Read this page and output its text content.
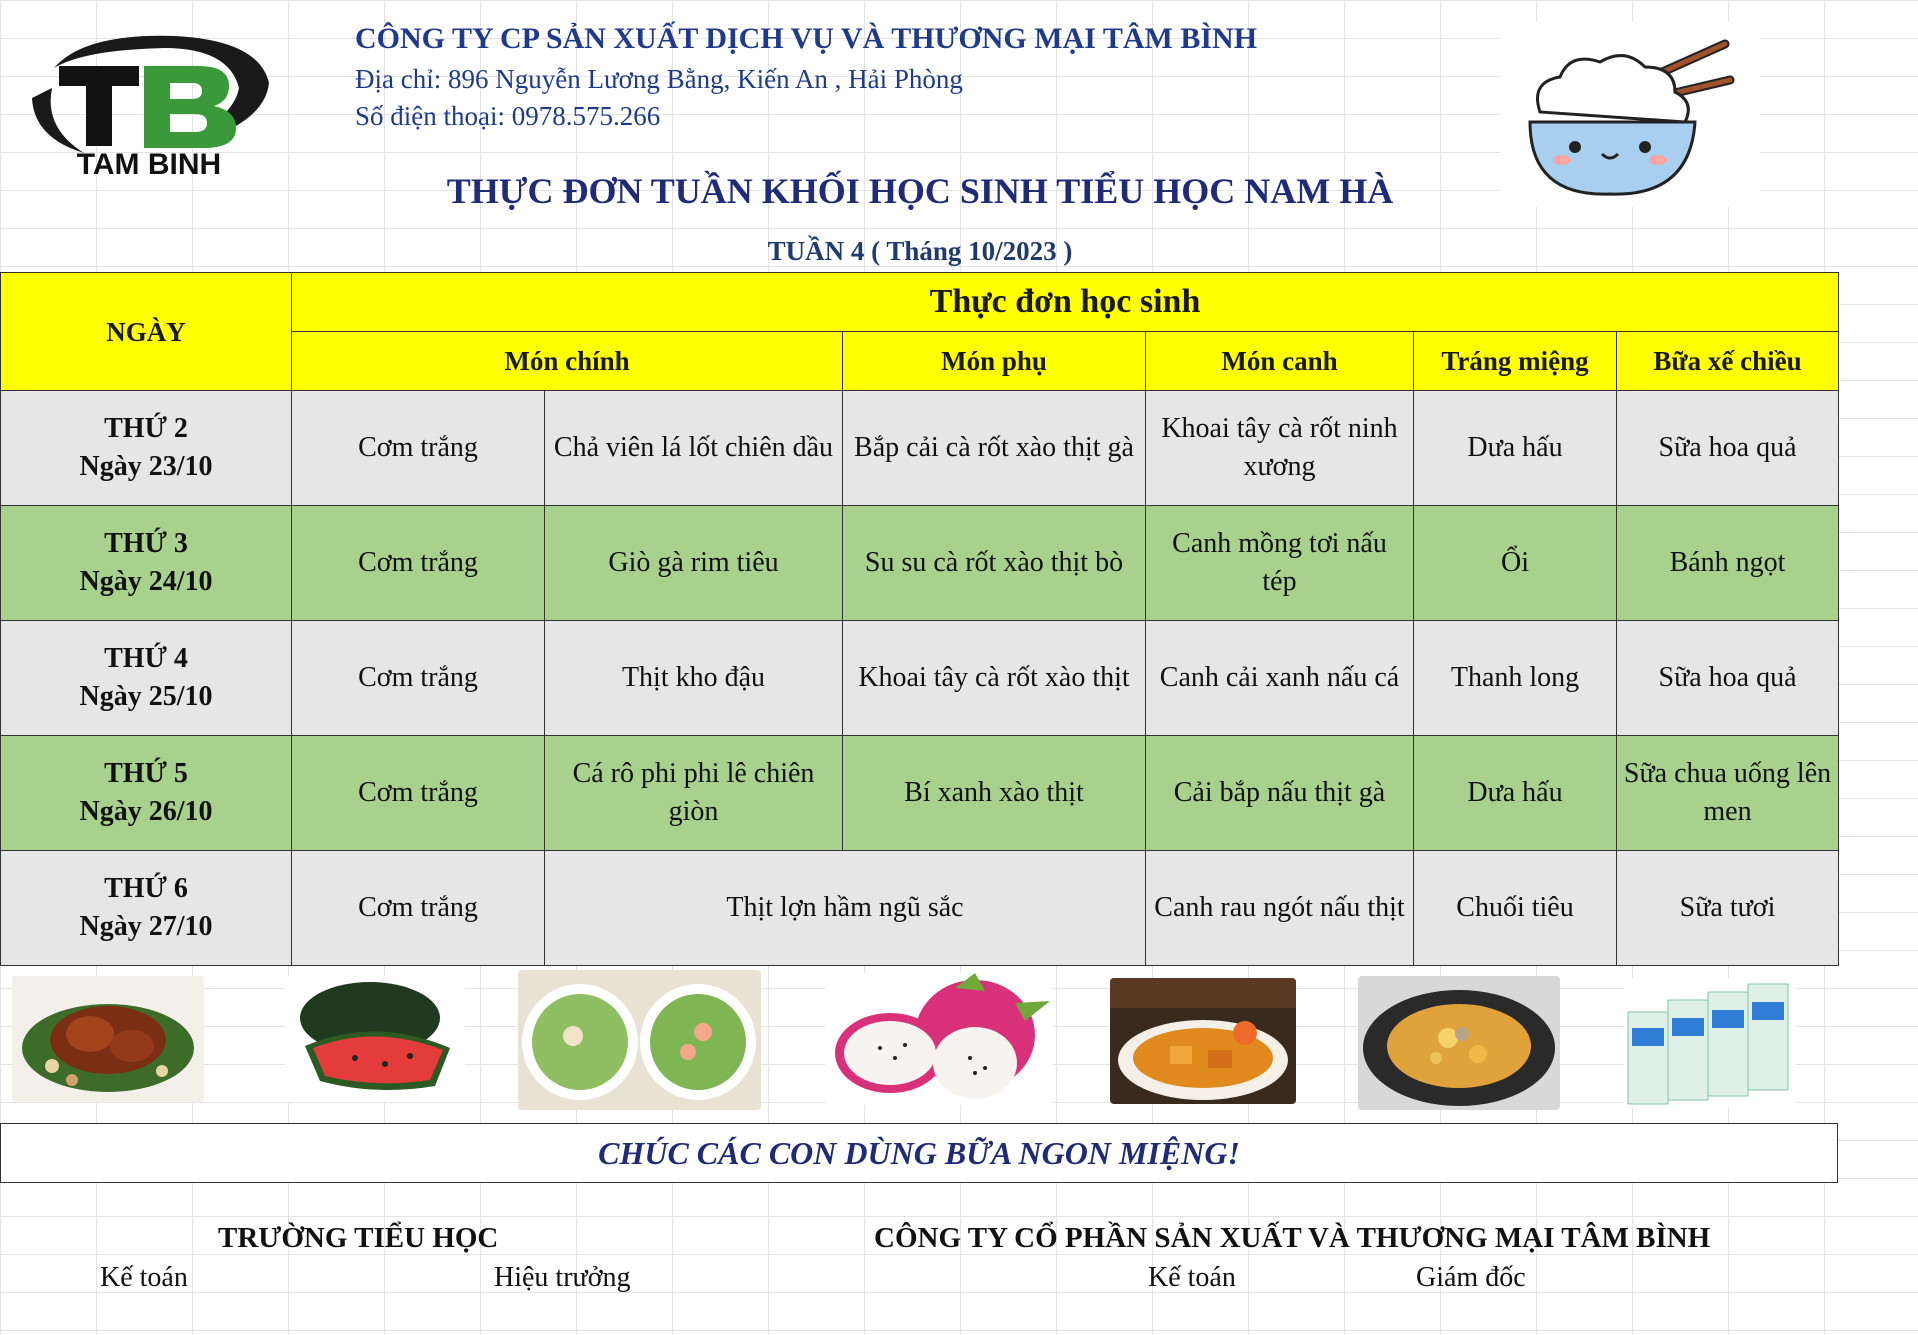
TAM BINH
CÔNG TY CP SẢN XUẤT DỊCH VỤ VÀ THƯƠNG MẠI TÂM BÌNH
Địa chỉ: 896 Nguyễn Lương Bằng, Kiến An , Hải Phòng
Số điện thoại: 0978.575.266
THỰC ĐƠN TUẦN KHỐI HỌC SINH TIỂU HỌC NAM HÀ
TUẦN 4 ( Tháng 10/2023 )
NGÀY	Thực đơn học sinh					
	Món chính		Món phụ	Món canh	Tráng miệng	Bữa xế chiều
THỨ 2
Ngày 23/10	Cơm trắng	Chả viên lá lốt chiên dầu	Bắp cải cà rốt xào thịt gà	Khoai tây cà rốt ninh xương	Dưa hấu	Sữa hoa quả
THỨ 3
Ngày 24/10	Cơm trắng	Giò gà rim tiêu	Su su cà rốt xào thịt bò	Canh mồng tơi nấu tép	Ổi	Bánh ngọt
THỨ 4
Ngày 25/10	Cơm trắng	Thịt kho đậu	Khoai tây cà rốt xào thịt	Canh cải xanh nấu cá	Thanh long	Sữa hoa quả
THỨ 5
Ngày 26/10	Cơm trắng	Cá rô phi phi lê chiên giòn	Bí xanh xào thịt	Cải bắp nấu thịt gà	Dưa hấu	Sữa chua uống lên men
THỨ 6
Ngày 27/10	Cơm trắng	Thịt lợn hầm ngũ sắc		Canh rau ngót nấu thịt	Chuối tiêu	Sữa tươi
CHÚC CÁC CON DÙNG BỮA NGON MIỆNG!
TRƯỜNG TIỂU HỌC	CÔNG TY CỔ PHẦN SẢN XUẤT VÀ THƯƠNG MẠI TÂM BÌNH
Kế toán	Hiệu trưởng	Kế toán	Giám đốc
